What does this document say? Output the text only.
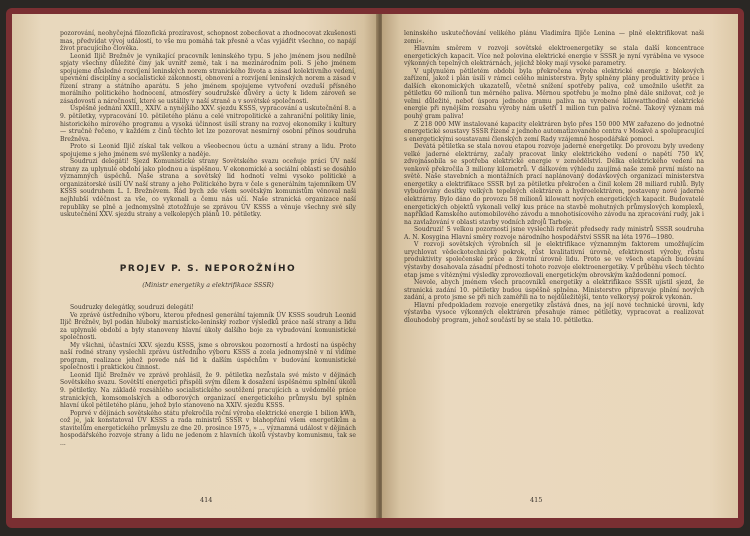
pozorování, neohyčejná filozofická prozíravost, schopnost zobecňovat a zhodnocovat zkušenosti mas, předvídat vývoj událostí, to vše mu pomáhá tak přesně a včas vyjádřit všechno, co napájí život pracujícího člověka.

Leonid Iljič Brežněv je vynikající pracovník leninského typu. S jeho jménem jsou nedílně spjaty všechny důležité činy jak uvnitř země, tak i na mezinárodním poli. S jeho jménem spojujeme důsledné rozvíjení leninských norem stranického života a zásad kolektivního vedení, upevnění disciplíny a socialistické zákonnosti, obnovení a rozvíjení leninských norem a zásad v řízení strany a státního aparátu. S jeho jménem spojujeme vytvoření ovzduší přísného morálního politického hodnocení, atmosféry soudružské důvěry a úcty k lidem zároveň se zásadovostí a náročností, které se ustálily v naší straně a v sovětské společnosti.

Úspěšně jednání XXIII., XXIV. a nynějšího XXV. sjezdu KSSS, vypracování a uskutečnění 8. a 9. pětiletky, vypracování 10. pětiletého plánu a celé vnitropolitické a zahraniční politiky linie, historického mírového programu a vysoká účinnost úsilí strany na rozvoj ekonomiky i kultury — stručně řečeno, v každém z činů těchto let lze pozorovat nesmírný osobní přínos soudruha Brežněva.

Proto si Leonid Iljič získal tak velkou a všeobecnou úctu a uznání strany a lidu. Proto spojujeme s jeho jménem své myšlenky a naděje.

Soudruzi delegáti! Sjezd Komunistické strany Sovětského svazu oceňuje práci ÚV naší strany za uplynulé období jako plodnou a úspěšnou. V ekonomické a sociální oblasti se dosáhlo významných úspěchů. Naše strana a sovětský lid hodnotí velmi vysoko politické a organizátorské úsilí ÚV naší strany a jeho Politického byra v čele s generálním tajemníkem ÚV KSSS soudruhem L. I. Brežněvem. Rád bych zde všem sovětským komunistům věnoval naši nejhlubší vděčnost za vše, co vykonali a čemu nás učí. Naše stranická organizace naší republiky se plně a jednomyslně ztotožňuje se zprávou ÚV KSSS a věnuje všechny své síly uskutečnění XXV. sjezdu strany a velkolepých plánů 10. pětiletky.

PROJEV P. S. NEPOROŽNÍHO
(Ministr energetiky a elektrifikace SSSR)

Soudruzky delegátky, soudruzi delegáti!

Ve zprávě ústředního výboru, kterou přednesl generální tajemník ÚV KSSS soudruh Leonid Iljič Brežněv, byl podán hluboký marxisticko-leninský rozbor výsledků práce naší strany a lidu za uplynulé období a byly stanoveny hlavní úkoly dalšího boje za vybudování komunistické společnosti.

My všichni, účastníci XXV. sjezdu KSSS, jsme s obrovskou pozorností a hrdostí na úspěchy naší rodné strany vyslechli zprávu ústředního výboru KSSS a zcela jednomyslně v ní vidíme program, realizace jehož povede náš lid k dalším úspěchům v budování komunistické společnosti i praktickou činnost.

Leonid Iljič Brežněv ve zprávě prohlásil, že 9. pětiletka nezůstala své místo v dějinách Sovětského svazu. Sovětští energetici přispěli svým dílem k dosažení úspěšnému splnění úkolů 9. pětiletky. Na základě rozsáhlého socialistického soutěžení pracujících a uvědomělé práce stranických, komsomolských a odborových organizací energetického průmyslu byl splněn hlavní úkol pětiletého plánu, jehož bylo stanoveno na XXIV. sjezdu KSSS.

Poprvé v dějinách sovětského státu překročila roční výroba elektrické energie 1 bilion kWh, což je, jak konstatoval ÚV KSSS a rada ministrů SSSR v blahopřání všem energetikům a stavitelům energetického průmyslu ze dne 20. prosince 1975, » ... významná událost v dějinách hospodářského rozvoje strany a lidu ne jedenom z hlavních úkolů výstavby komunismu, tak se ...

414

leninského uskutečňování velikého plánu Vladimíra Iljiče Lenina — plně elektrifikovat naši zemi«.

Hlavním směrem v rozvoji sovětské elektroenergetiky se stala další koncentrace energetických kapacit. Více než polovina elektrické energie v SSSR je nyní vyráběna ve vysoce výkonných tepelných elektrárnách, jejichž bloky mají vysoké parametry.

V uplynulém pětiletém období byla překročena výroba elektrické energie z blokových zařízení, jakož i plán úsilí v rámci celého ministerstva. Byly splněny plány produktivity práce i dalších ekonomických ukazatelů, včetně snížení spotřeby paliva, což umožnilo ušetřit za pětiletku 60 milionů tun měrného paliva. Měrnou spotřebu je možno plně dále snižovat, což je velmi důležité, neboť úspora jednoho gramu paliva na vyrobené kilowatthodině elektrické energie při nynějším rozsahu výroby nám ušetří 1 milion tun paliva ročně. Takový význam má pouhý gram paliva!

Z 218 000 MW instalované kapacity elektráren bylo přes 150 000 MW zařazeno do jednotné energetické soustavy SSSR řízené z jednoho automatizovaného centra v Moskvě a spolupracující s energetickými soustavami členských zemí Rady vzájemné hospodářské pomoci.

Devátá pětiletka se stala novou etapou rozvoje jaderné energetiky. Do provozu byly uvedeny velké jaderné elektrárny, začaly pracovat linky elektrického vedení o napětí 750 kV, zdvojnásobila se spotřeba elektrické energie v zemědělství. Délka elektrického vedení na venkově překročila 3 miliony kilometrů. V dálkovém výhledu zaujímá naše země první místo na světě. Naše stavebních a montážních prací naplánovaný dodávkových organizací ministerstva energetiky a elektrifikace SSSR byl za pětiletku překročen a činil kolem 28 miliard rublů. Byly vybudovány desítky velkých tepelných elektráren a hydroelektráren, postaveny nové jaderné elektrárny. Bylo dáno do provozu 58 milionů kilowatt nových energetických kapacit. Budovatelé energetických objektů vykonali velký kus práce na stavbě mohutných průmyslových komplexů, například Kamského automobilového závodu a mnohotisícového závodu na zpracování rudy, jak i na zavlažování v oblasti stavby vodních zdrojů Tarbeje.

Soudruzi! S velkou pozorností jsme vyslechli referát předsedy rady ministrů SSSR soudruha A. N. Kosygina Hlavní směry rozvoje národního hospodářství SSSR na léta 1976—1980.

V rozvoji sovětských výrobních sil je elektrifikace významným faktorem umožňujícím urychlovat vědeckotechnický pokrok, růst kvalitativní úrovně, efektivnosti výroby, růstu produktivity společenské práce a životní úrovně lidu. Proto se ve všech etapách budování výstavby dosahovala zásadní předností tohoto rozvoje elektroenergetiky. V průběhu všech těchto etap jsme s vítěznými výsledky zprovozňovali energetickým obrovským každodenní pomocí.

Nevole, abych jménem všech pracovníků energetiky a elektrifikace SSSR ujistil sjezd, že stranická zadání 10. pětiletky budou úspěšně splněna. Ministerstvo připravuje plnění nových zadání, a proto jsme se při nich zaměřili na to nejdůležitější, tento velkorysý pokrok vykonán.

Hlavní předpokladem rozvoje energetiky zůstává dnes, na její nové technické úrovni, kdy výstavba vysoce výkonných elektráren přesahuje rámec pětiletky, vypracovat a realizovat dlouhodobý program, jehož součástí by se stala 10. pětiletka.

415
